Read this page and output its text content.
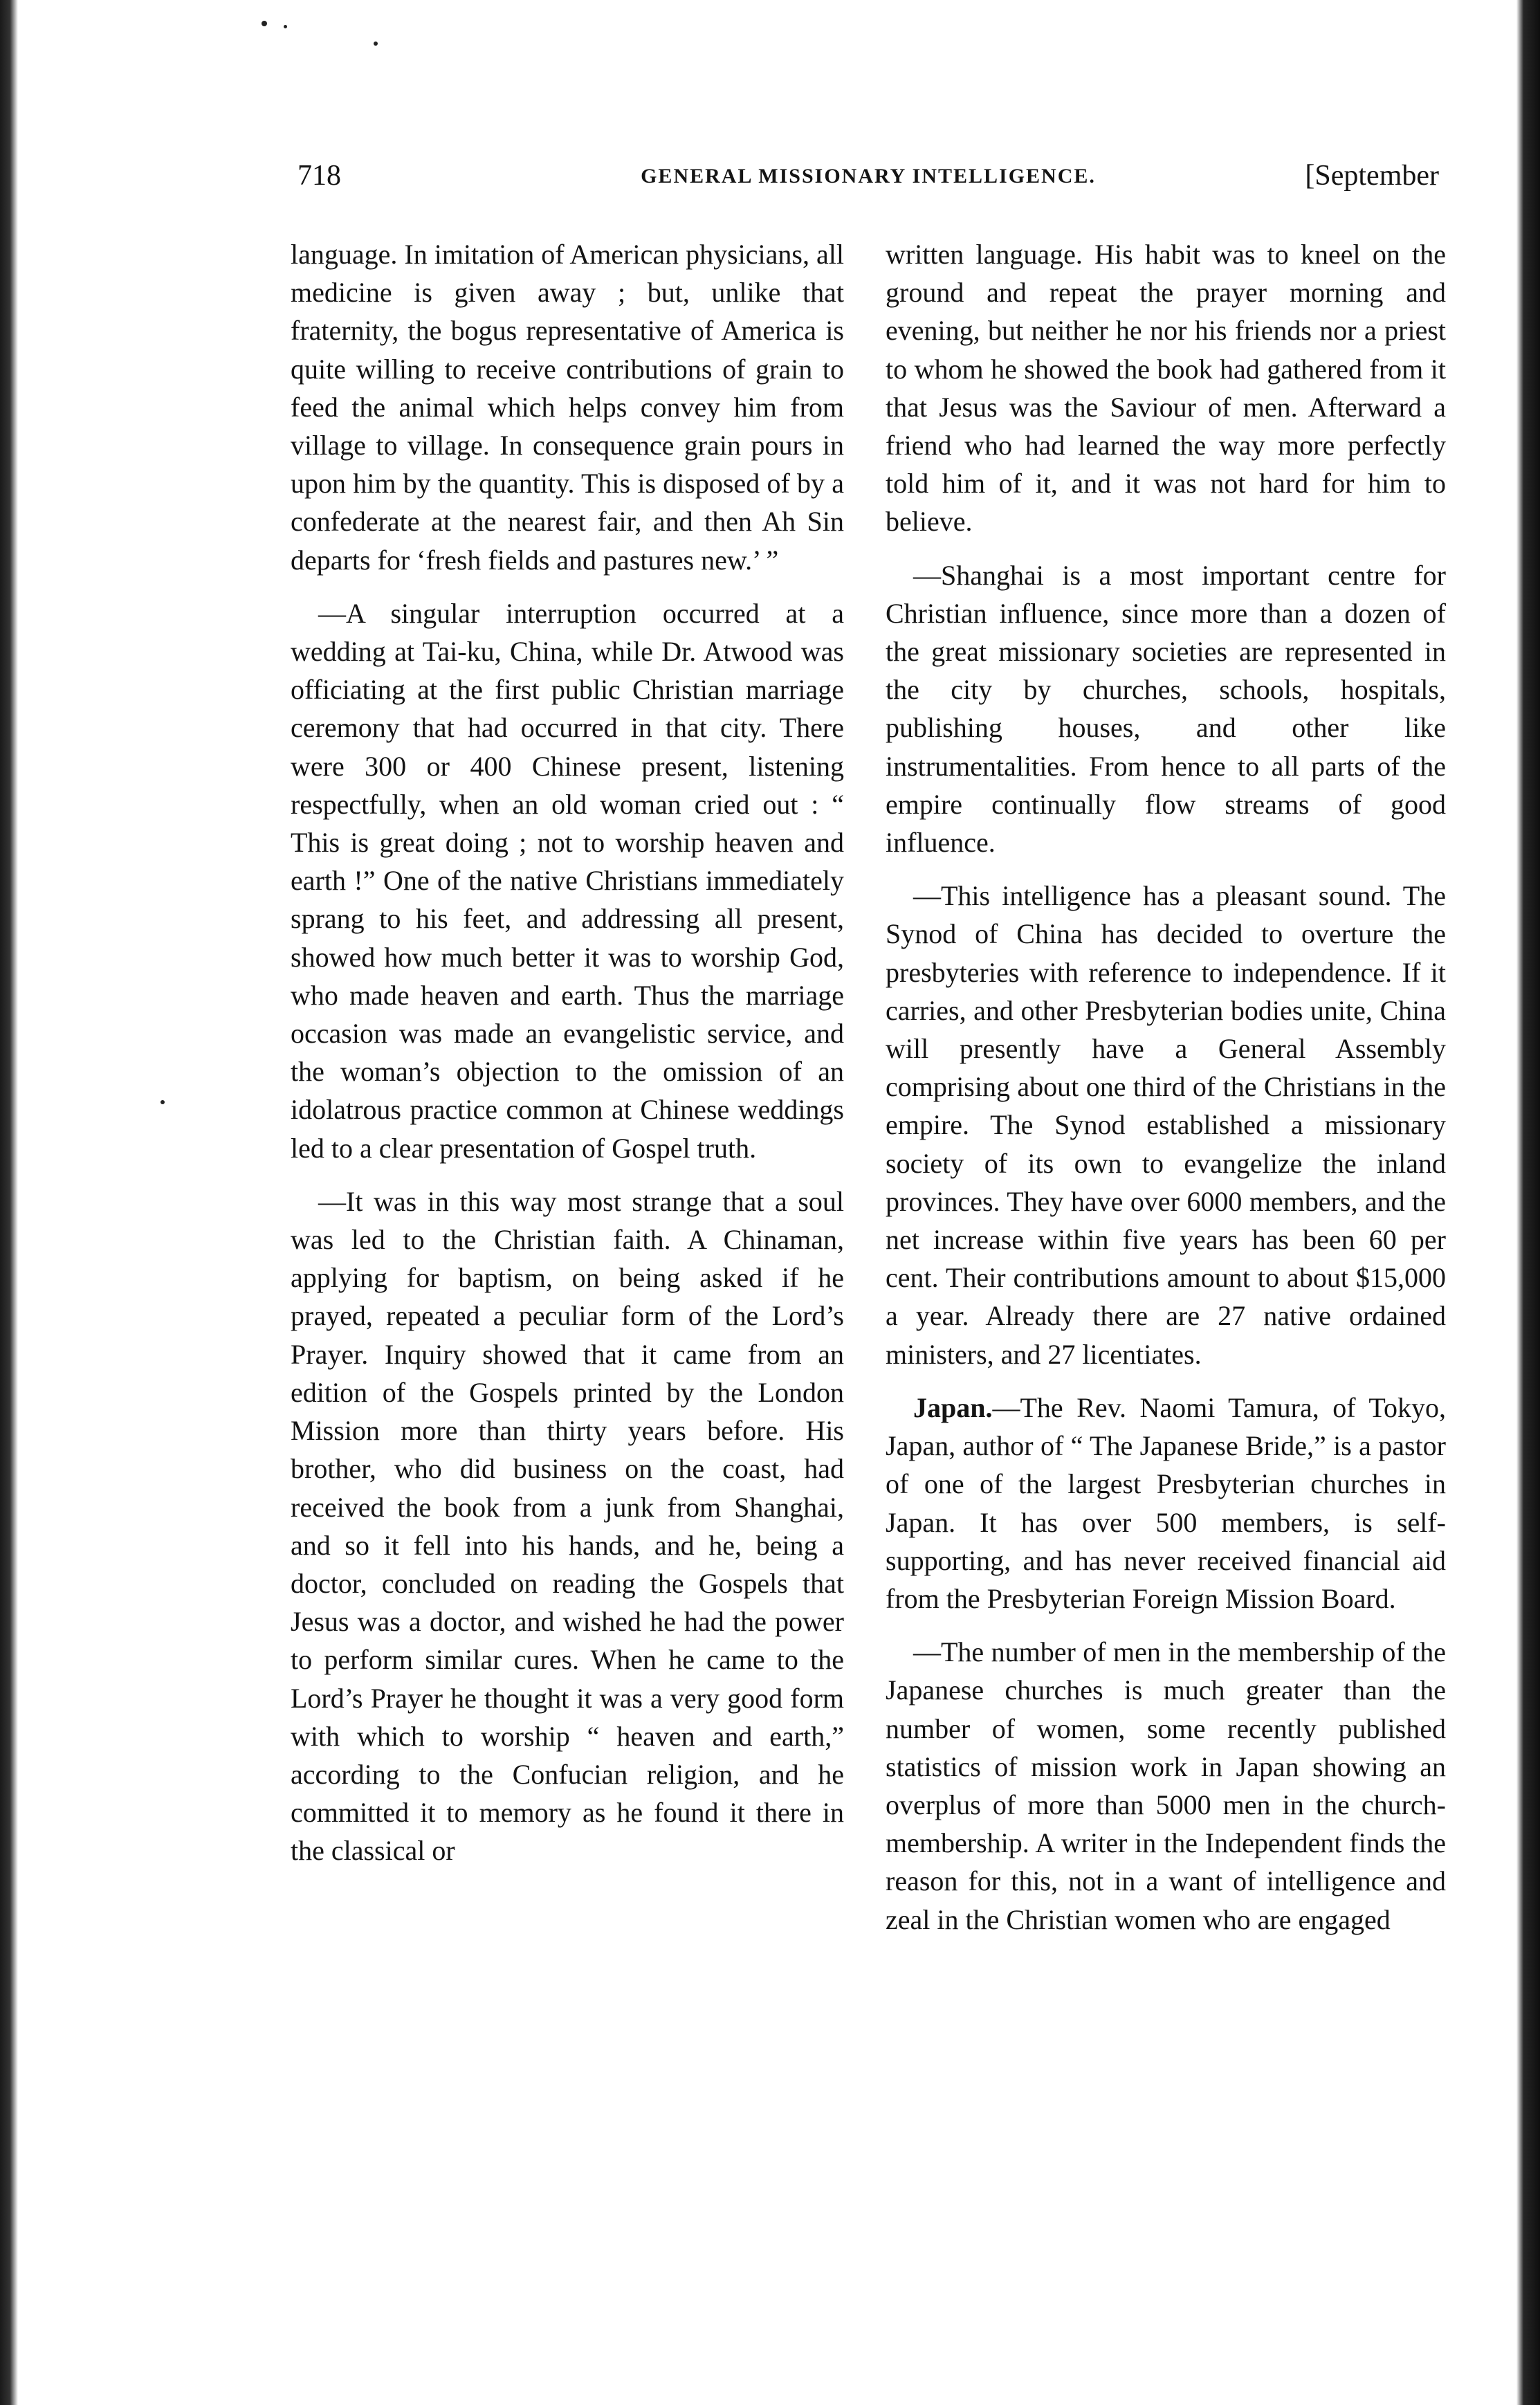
718	GENERAL MISSIONARY INTELLIGENCE.	[September

language. In imitation of American physicians, all medicine is given away ; but, unlike that fraternity, the bogus representative of America is quite willing to receive contributions of grain to feed the animal which helps convey him from village to village. In consequence grain pours in upon him by the quantity. This is disposed of by a confederate at the nearest fair, and then Ah Sin departs for ‘fresh fields and pastures new.’ ”

—A singular interruption occurred at a wedding at Tai-ku, China, while Dr. Atwood was officiating at the first public Christian marriage ceremony that had occurred in that city. There were 300 or 400 Chinese present, listening respectfully, when an old woman cried out : “ This is great doing ; not to worship heaven and earth !” One of the native Christians immediately sprang to his feet, and addressing all present, showed how much better it was to worship God, who made heaven and earth. Thus the marriage occasion was made an evangelistic service, and the woman’s objection to the omission of an idolatrous practice common at Chinese weddings led to a clear presentation of Gospel truth.

—It was in this way most strange that a soul was led to the Christian faith. A Chinaman, applying for baptism, on being asked if he prayed, repeated a peculiar form of the Lord’s Prayer. Inquiry showed that it came from an edition of the Gospels printed by the London Mission more than thirty years before. His brother, who did business on the coast, had received the book from a junk from Shanghai, and so it fell into his hands, and he, being a doctor, concluded on reading the Gospels that Jesus was a doctor, and wished he had the power to perform similar cures. When he came to the Lord’s Prayer he thought it was a very good form with which to worship “ heaven and earth,” according to the Confucian religion, and he committed it to memory as he found it there in the classical or

written language. His habit was to kneel on the ground and repeat the prayer morning and evening, but neither he nor his friends nor a priest to whom he showed the book had gathered from it that Jesus was the Saviour of men. Afterward a friend who had learned the way more perfectly told him of it, and it was not hard for him to believe.

—Shanghai is a most important centre for Christian influence, since more than a dozen of the great missionary societies are represented in the city by churches, schools, hospitals, publishing houses, and other like instrumentalities. From hence to all parts of the empire continually flow streams of good influence.

—This intelligence has a pleasant sound. The Synod of China has decided to overture the presbyteries with reference to independence. If it carries, and other Presbyterian bodies unite, China will presently have a General Assembly comprising about one third of the Christians in the empire. The Synod established a missionary society of its own to evangelize the inland provinces. They have over 6000 members, and the net increase within five years has been 60 per cent. Their contributions amount to about $15,000 a year. Already there are 27 native ordained ministers, and 27 licentiates.

Japan.—The Rev. Naomi Tamura, of Tokyo, Japan, author of “ The Japanese Bride,” is a pastor of one of the largest Presbyterian churches in Japan. It has over 500 members, is self-supporting, and has never received financial aid from the Presbyterian Foreign Mission Board.

—The number of men in the membership of the Japanese churches is much greater than the number of women, some recently published statistics of mission work in Japan showing an overplus of more than 5000 men in the church-membership. A writer in the Independent finds the reason for this, not in a want of intelligence and zeal in the Christian women who are engaged
